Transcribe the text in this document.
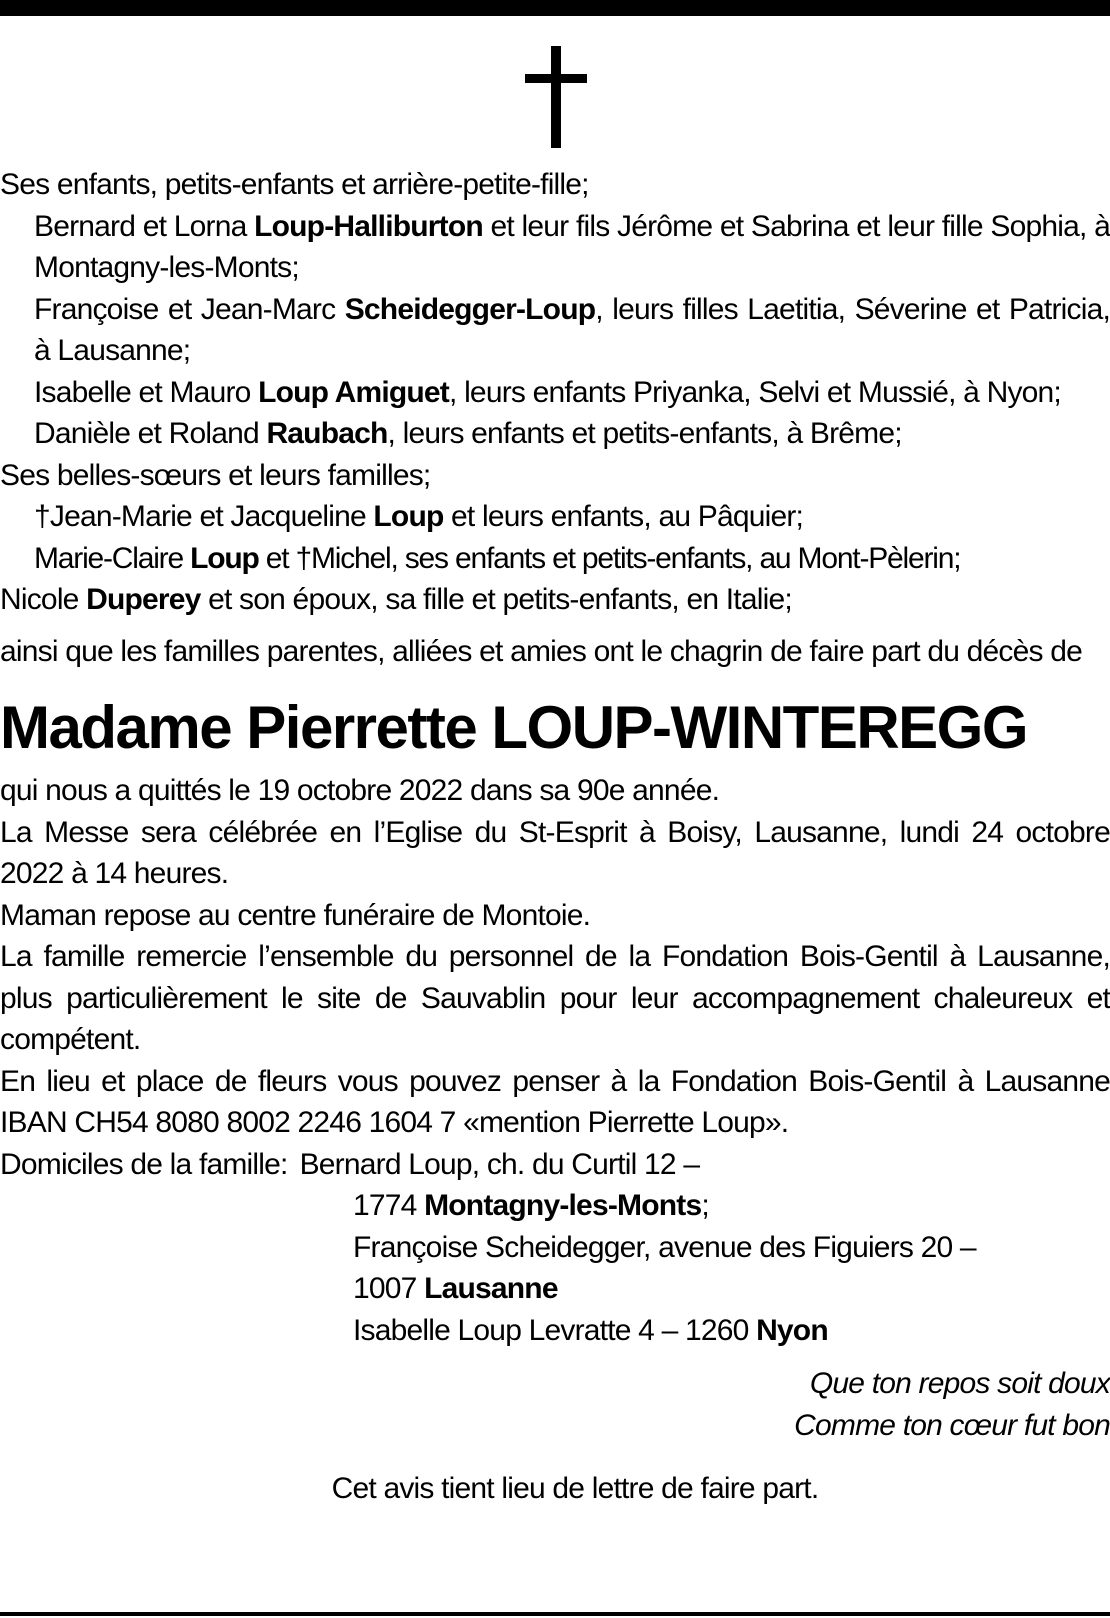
Ses enfants, petits-enfants et arrière-petite-fille;

Bernard et Lorna Loup-Halliburton et leur fils Jérôme et Sabrina et leur fille Sophia, à Montagny-les-Monts;

Françoise et Jean-Marc Scheidegger-Loup, leurs filles Laetitia, Séverine et Patricia, à Lausanne;

Isabelle et Mauro Loup Amiguet, leurs enfants Priyanka, Selvi et Mussié, à Nyon;

Danièle et Roland Raubach, leurs enfants et petits-enfants, à Brême;

Ses belles-sœurs et leurs familles;

†Jean-Marie et Jacqueline Loup et leurs enfants, au Pâquier;

Marie-Claire Loup et †Michel, ses enfants et petits-enfants, au Mont-Pèlerin;

Nicole Duperey et son époux, sa fille et petits-enfants, en Italie;

ainsi que les familles parentes, alliées et amies ont le chagrin de faire part du décès de

Madame Pierrette LOUP-WINTEREGG

qui nous a quittés le 19 octobre 2022 dans sa 90e année.

La Messe sera célébrée en l’Eglise du St-Esprit à Boisy, Lausanne, lundi 24 octobre 2022 à 14 heures.

Maman repose au centre funéraire de Montoie.

La famille remercie l’ensemble du personnel de la Fondation Bois-Gentil à Lausanne, plus particulièrement le site de Sauvablin pour leur accompagnement chaleureux et compétent.

En lieu et place de fleurs vous pouvez penser à la Fondation Bois-Gentil à Lausanne IBAN CH54 8080 8002 2246 1604 7 «mention Pierrette Loup».

Domiciles de la famille: Bernard Loup, ch. du Curtil 12 –

1774 Montagny-les-Monts;

Françoise Scheidegger, avenue des Figuiers 20 –

1007 Lausanne

Isabelle Loup Levratte 4 – 1260 Nyon

Que ton repos soit doux

Comme ton cœur fut bon

Cet avis tient lieu de lettre de faire part.
